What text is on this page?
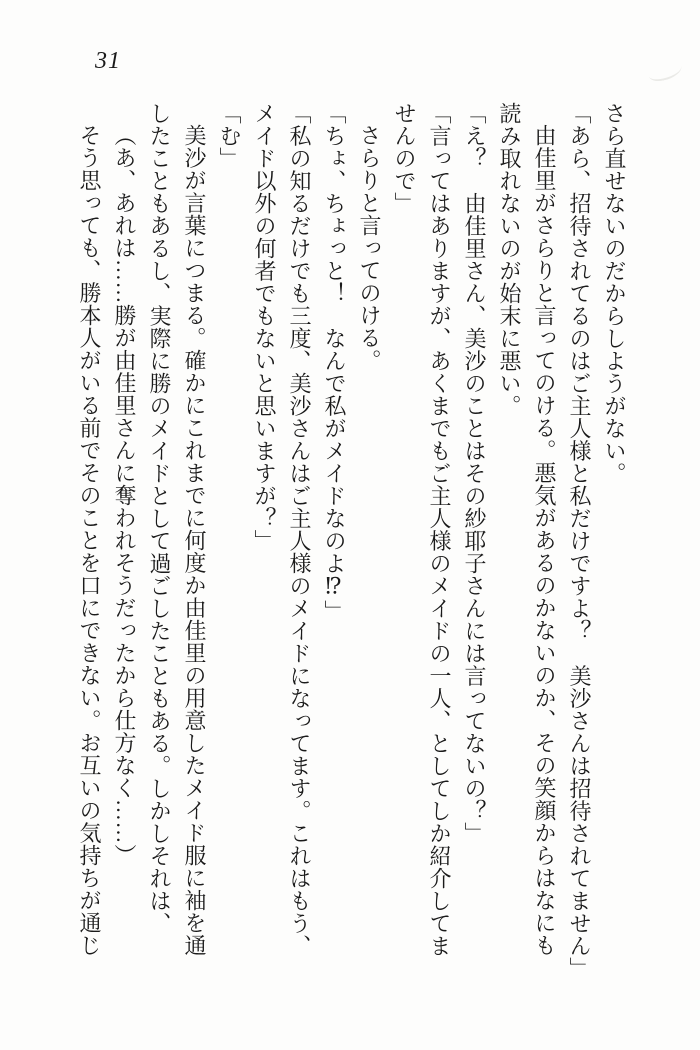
31

さら直せないのだからしようがない。

「あら、招待されてるのはご主人様と私だけですよ？　美沙さんは招待されてません」

由佳里がさらりと言ってのける。悪気があるのかないのか、その笑顔からはなにも

読み取れないのが始末に悪い。

「え？　由佳里さん、美沙のことはその紗耶子さんには言ってないの？」

「言ってはありますが、あくまでもご主人様のメイドの一人、としてしか紹介してま

せんので」

さらりと言ってのける。

「ちょ、ちょっと！　なんで私がメイドなのよ⁉」

「私の知るだけでも三度、美沙さんはご主人様のメイドになってます。これはもう、

メイド以外の何者でもないと思いますが？」

「む」

美沙が言葉につまる。確かにこれまでに何度か由佳里の用意したメイド服に袖を通

したこともあるし、実際に勝のメイドとして過ごしたこともある。しかしそれは、

（あ、あれは……勝が由佳里さんに奪われそうだったから仕方なく……）

そう思っても、勝本人がいる前でそのことを口にできない。お互いの気持ちが通じ
